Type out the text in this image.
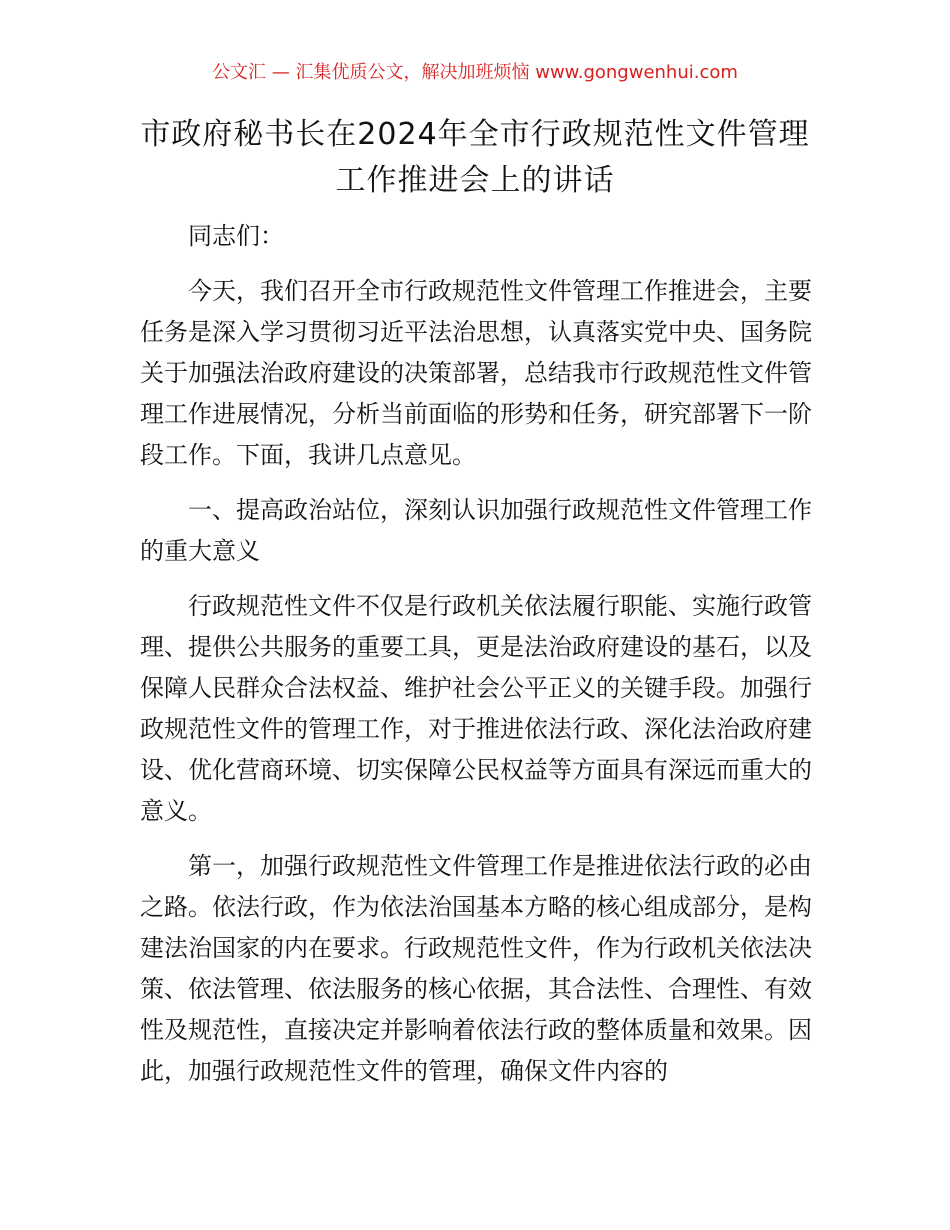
公文汇 — 汇集优质公文，解决加班烦恼 www.gongwenhui.com
市政府秘书长在2024年全市行政规范性文件管理工作推进会上的讲话

同志们：

今天，我们召开全市行政规范性文件管理工作推进会，主要任务是深入学习贯彻习近平法治思想，认真落实党中央、国务院关于加强法治政府建设的决策部署，总结我市行政规范性文件管理工作进展情况，分析当前面临的形势和任务，研究部署下一阶段工作。下面，我讲几点意见。

一、提高政治站位，深刻认识加强行政规范性文件管理工作的重大意义

行政规范性文件不仅是行政机关依法履行职能、实施行政管理、提供公共服务的重要工具，更是法治政府建设的基石，以及保障人民群众合法权益、维护社会公平正义的关键手段。加强行政规范性文件的管理工作，对于推进依法行政、深化法治政府建设、优化营商环境、切实保障公民权益等方面具有深远而重大的意义。

第一，加强行政规范性文件管理工作是推进依法行政的必由之路。依法行政，作为依法治国基本方略的核心组成部分，是构建法治国家的内在要求。行政规范性文件，作为行政机关依法决策、依法管理、依法服务的核心依据，其合法性、合理性、有效性及规范性，直接决定并影响着依法行政的整体质量和效果。因此，加强行政规范性文件的管理，确保文件内容的
